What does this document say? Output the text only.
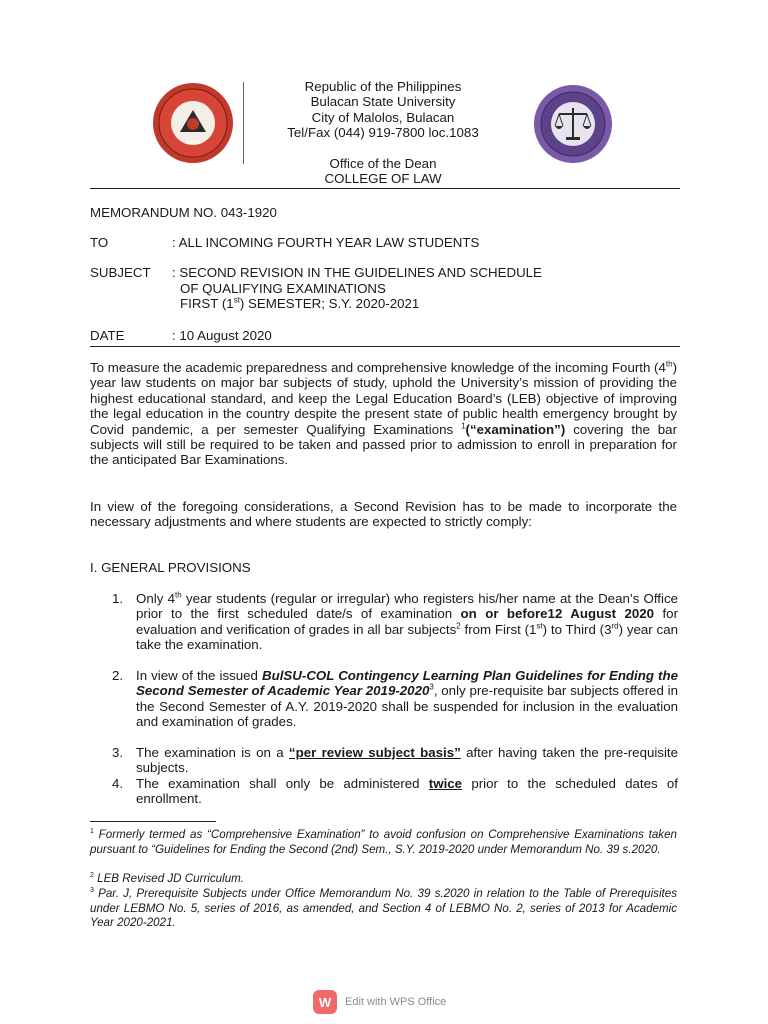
1904
Republic of the Philippines
Bulacan State University
City of Malolos, Bulacan
Tel/Fax (044) 919-7800 loc.1083
Office of the Dean
COLLEGE OF LAW
MEMORANDUM NO. 043-1920
TO	: ALL INCOMING FOURTH YEAR LAW STUDENTS
SUBJECT : SECOND REVISION IN THE GUIDELINES AND SCHEDULE
OF QUALIFYING EXAMINATIONS
FIRST (1st) SEMESTER; S.Y. 2020-2021
DATE	: 10 August 2020
To measure the academic preparedness and comprehensive knowledge of the incoming Fourth (4th) year law students on major bar subjects of study, uphold the University’s mission of providing the highest educational standard, and keep the Legal Education Board’s (LEB) objective of improving the legal education in the country despite the present state of public health emergency brought by Covid pandemic, a per semester Qualifying Examinations $^1$(“examination”) covering the bar subjects will still be required to be taken and passed prior to admission to enroll in preparation for the anticipated Bar Examinations.
In view of the foregoing considerations, a Second Revision has to be made to incorporate the necessary adjustments and where students are expected to strictly comply:
I. GENERAL PROVISIONS
1. Only 4th year students (regular or irregular) who registers his/her name at the Dean’s Office prior to the first scheduled date/s of examination on or before12 August 2020 for evaluation and verification of grades in all bar subjects$^2$ from First (1st) to Third (3rd) year can take the examination.
2. In view of the issued BulSU-COL Contingency Learning Plan Guidelines for Ending the Second Semester of Academic Year 2019-2020$^3$, only pre-requisite bar subjects offered in the Second Semester of A.Y. 2019-2020 shall be suspended for inclusion in the evaluation and examination of grades.
3. The examination is on a “per review subject basis” after having taken the pre-requisite subjects.
4. The examination shall only be administered twice prior to the scheduled dates of enrollment.
$^1$ Formerly termed as “Comprehensive Examination” to avoid confusion on Comprehensive Examinations taken pursuant to “Guidelines for Ending the Second (2nd) Sem., S.Y. 2019-2020 under Memorandum No. 39 s.2020.
$^2$ LEB Revised JD Curriculum.
$^3$ Par. J, Prerequisite Subjects under Office Memorandum No. 39 s.2020 in relation to the Table of Prerequisites under LEBMO No. 5, series of 2016, as amended, and Section 4 of LEBMO No. 2, series of 2013 for Academic Year 2020-2021.
W	Edit with WPS Office
